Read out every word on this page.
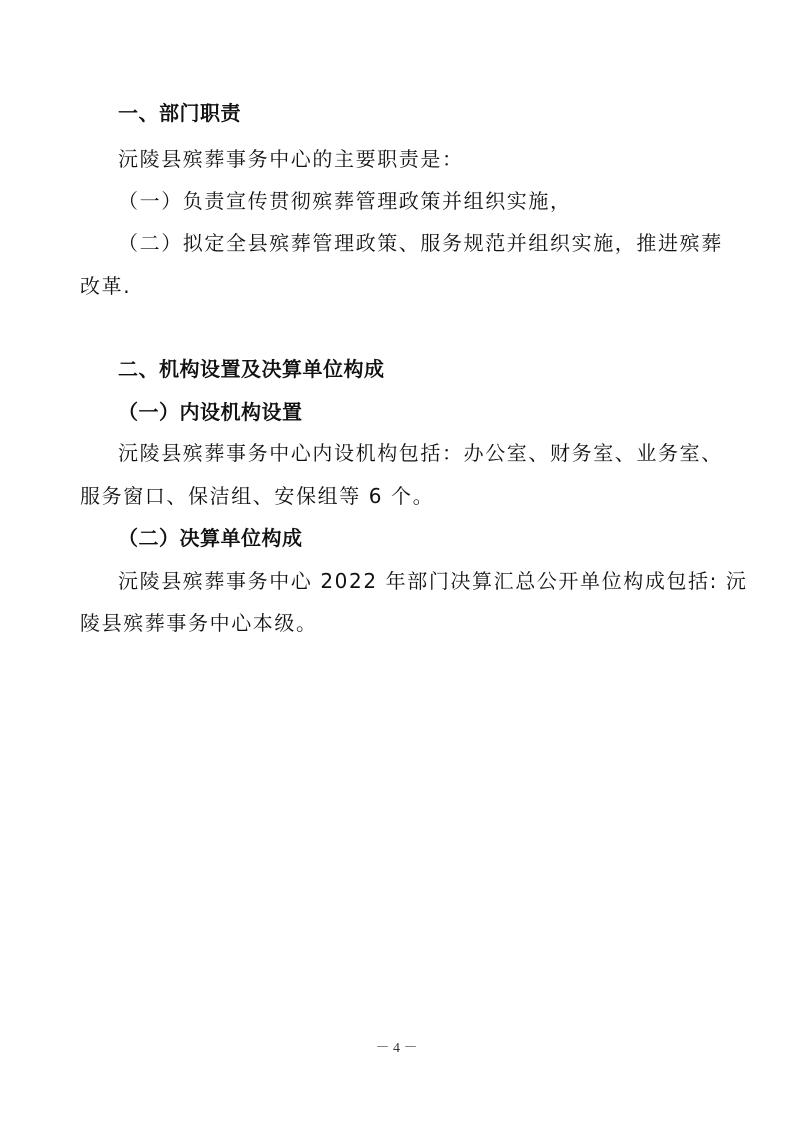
一、部门职责
沅陵县殡葬事务中心的主要职责是：
（一）负责宣传贯彻殡葬管理政策并组织实施，
（二）拟定全县殡葬管理政策、服务规范并组织实施，推进殡葬
改革.
二、机构设置及决算单位构成
（一）内设机构设置
沅陵县殡葬事务中心内设机构包括：办公室、财务室、业务室、
服务窗口、保洁组、安保组等 6 个。
（二）决算单位构成
沅陵县殡葬事务中心 2022 年部门决算汇总公开单位构成包括: 沅
陵县殡葬事务中心本级。
－ 4 －
